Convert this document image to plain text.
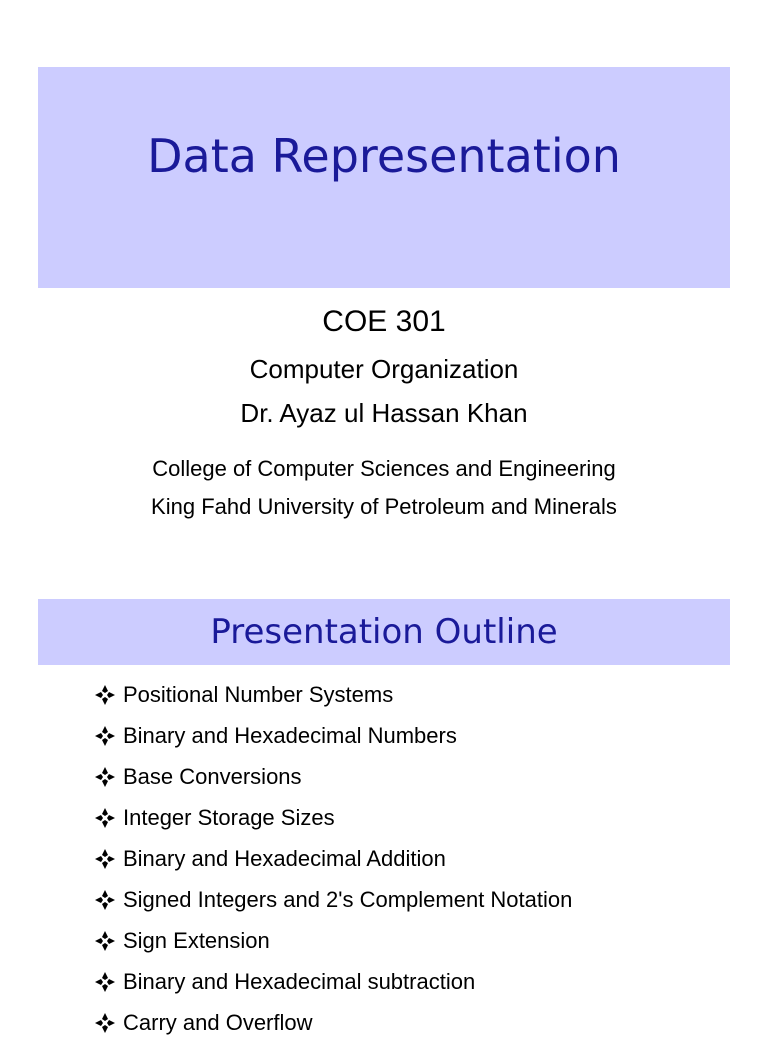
Data Representation
COE 301
Computer Organization
Dr. Ayaz ul Hassan Khan
College of Computer Sciences and Engineering
King Fahd University of Petroleum and Minerals
Presentation Outline
Positional Number Systems
Binary and Hexadecimal Numbers
Base Conversions
Integer Storage Sizes
Binary and Hexadecimal Addition
Signed Integers and 2's Complement Notation
Sign Extension
Binary and Hexadecimal subtraction
Carry and Overflow
